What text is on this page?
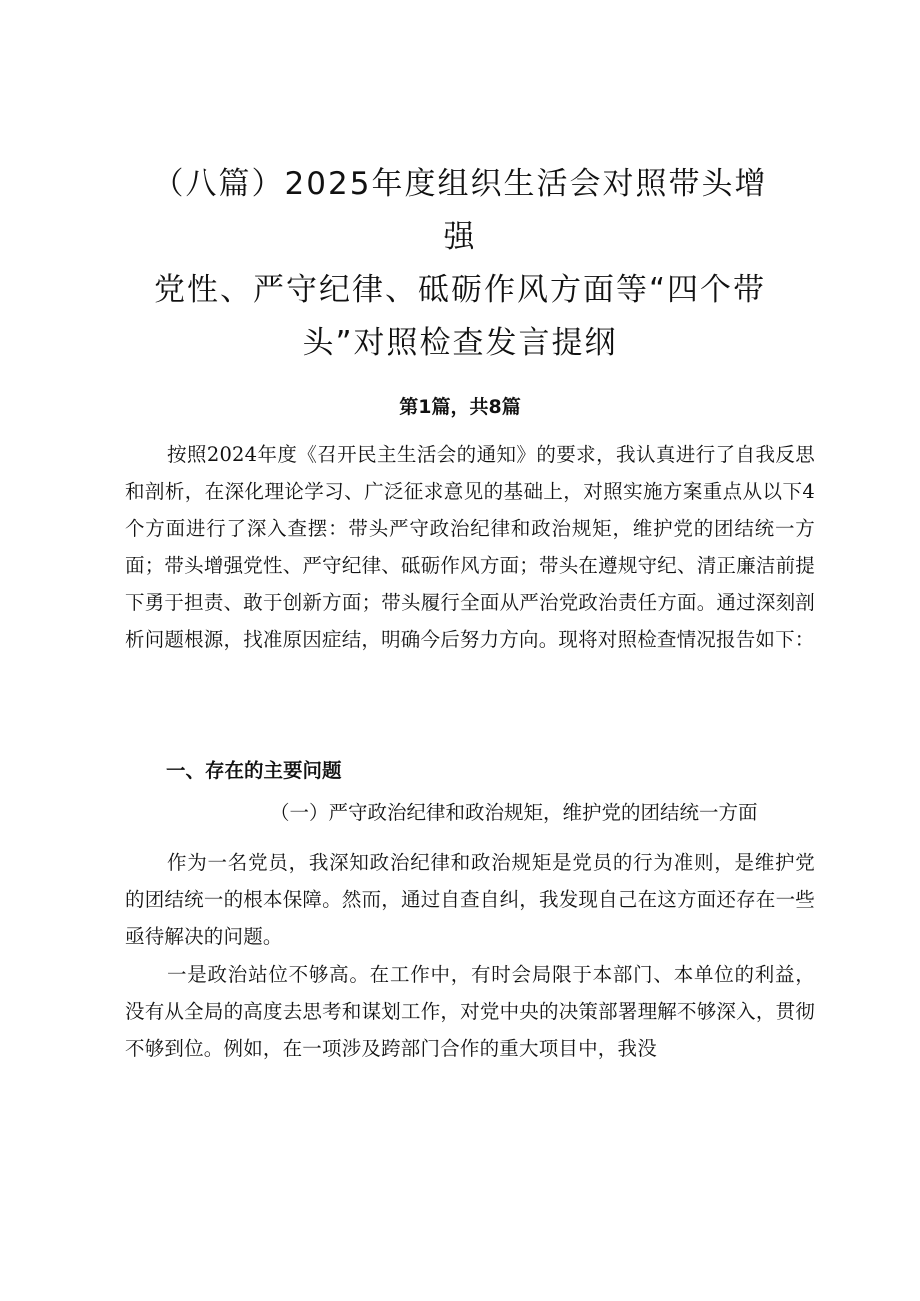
（八篇）2025年度组织生活会对照带头增强
党性、严守纪律、砥砺作风方面等“四个带
头”对照检查发言提纲
第1篇，共8篇
按照2024年度《召开民主生活会的通知》的要求，我认真进行了自我反思和剖析，在深化理论学习、广泛征求意见的基础上，对照实施方案重点从以下4个方面进行了深入查摆：带头严守政治纪律和政治规矩，维护党的团结统一方面；带头增强党性、严守纪律、砥砺作风方面；带头在遵规守纪、清正廉洁前提下勇于担责、敢于创新方面；带头履行全面从严治党政治责任方面。通过深刻剖析问题根源，找准原因症结，明确今后努力方向。现将对照检查情况报告如下：
一、存在的主要问题
（一）严守政治纪律和政治规矩，维护党的团结统一方面
作为一名党员，我深知政治纪律和政治规矩是党员的行为准则，是维护党的团结统一的根本保障。然而，通过自查自纠，我发现自己在这方面还存在一些亟待解决的问题。
一是政治站位不够高。在工作中，有时会局限于本部门、本单位的利益，没有从全局的高度去思考和谋划工作，对党中央的决策部署理解不够深入，贯彻不够到位。例如，在一项涉及跨部门合作的重大项目中，我没
